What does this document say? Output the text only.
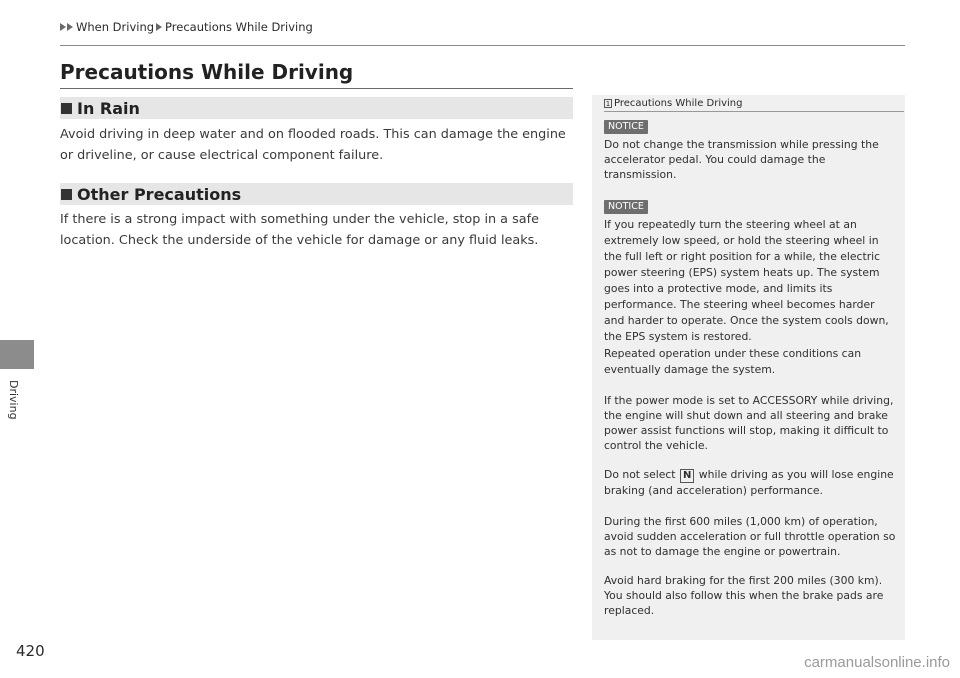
When Driving Precautions While Driving
Driving
420
Precautions While Driving
In Rain

Avoid driving in deep water and on flooded roads. This can damage the engine or driveline, or cause electrical component failure.

Other Precautions

If there is a strong impact with something under the vehicle, stop in a safe location. Check the underside of the vehicle for damage or any fluid leaks.

1 Precautions While Driving
NOTICE

Do not change the transmission while pressing the accelerator pedal. You could damage the transmission.

NOTICE

If you repeatedly turn the steering wheel at an extremely low speed, or hold the steering wheel in the full left or right position for a while, the electric power steering (EPS) system heats up. The system goes into a protective mode, and limits its performance. The steering wheel becomes harder and harder to operate. Once the system cools down, the EPS system is restored.

Repeated operation under these conditions can eventually damage the system.

If the power mode is set to ACCESSORY while driving, the engine will shut down and all steering and brake power assist functions will stop, making it difficult to control the vehicle.

Do not select N while driving as you will lose engine braking (and acceleration) performance.

During the first 600 miles (1,000 km) of operation, avoid sudden acceleration or full throttle operation so as not to damage the engine or powertrain.

Avoid hard braking for the first 200 miles (300 km). You should also follow this when the brake pads are replaced.

carmanualsonline.info
